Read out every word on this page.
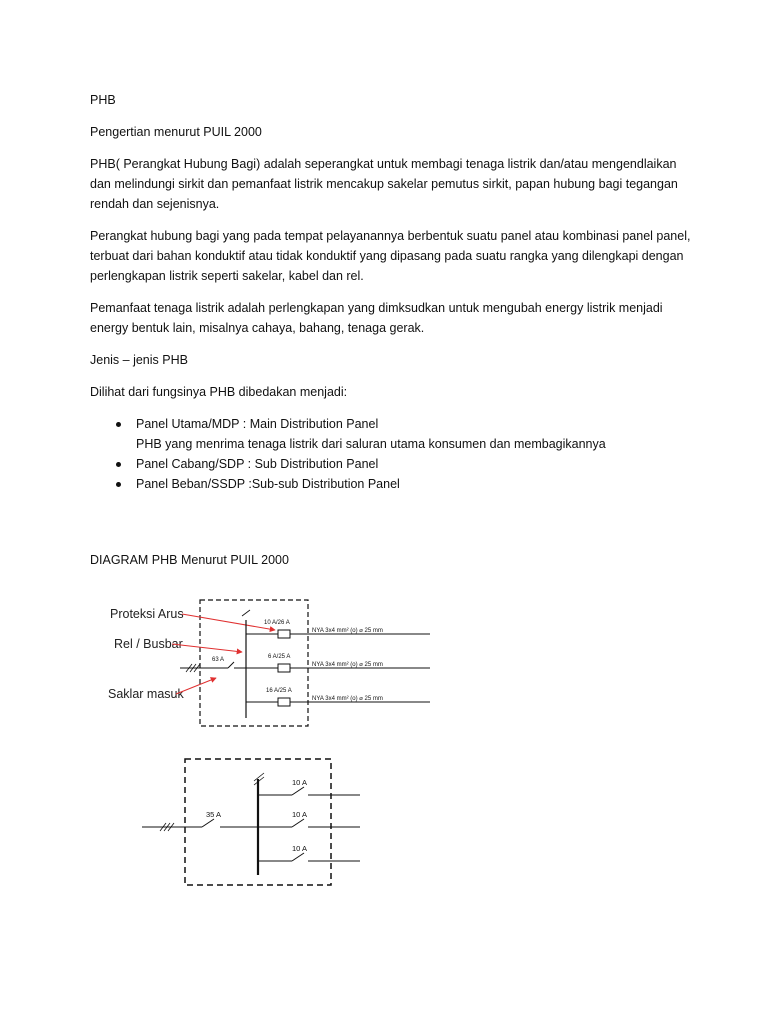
PHB

Pengertian menurut PUIL 2000

PHB( Perangkat Hubung Bagi) adalah seperangkat untuk membagi tenaga listrik dan/atau mengendlaikan dan melindungi sirkit dan pemanfaat listrik mencakup sakelar pemutus sirkit, papan hubung bagi tegangan rendah dan sejenisnya.

Perangkat hubung bagi yang pada tempat pelayanannya berbentuk suatu panel atau kombinasi panel panel, terbuat dari bahan konduktif atau tidak konduktif yang dipasang pada suatu rangka yang dilengkapi dengan perlengkapan listrik seperti sakelar, kabel dan rel.

Pemanfaat tenaga listrik adalah perlengkapan yang dimksudkan untuk mengubah energy listrik menjadi energy bentuk lain, misalnya cahaya, bahang, tenaga gerak.

Jenis – jenis PHB

Dilihat dari fungsinya PHB dibedakan menjadi:

Panel Utama/MDP : Main Distribution Panel
PHB yang menrima tenaga listrik dari saluran utama konsumen dan membagikannya
Panel Cabang/SDP : Sub Distribution Panel
Panel Beban/SSDP :Sub-sub Distribution Panel

DIAGRAM PHB Menurut PUIL 2000

Proteksi Arus
Rel / Busbar
Saklar masuk
63 A
10 A/26 A
NYA 3x4 mm² (o) ⌀ 25 mm
6 A/25 A
NYA 3x4 mm² (o) ⌀ 25 mm
16 A/25 A
NYA 3x4 mm² (o) ⌀ 25 mm
35 A
10 A
10 A
10 A
